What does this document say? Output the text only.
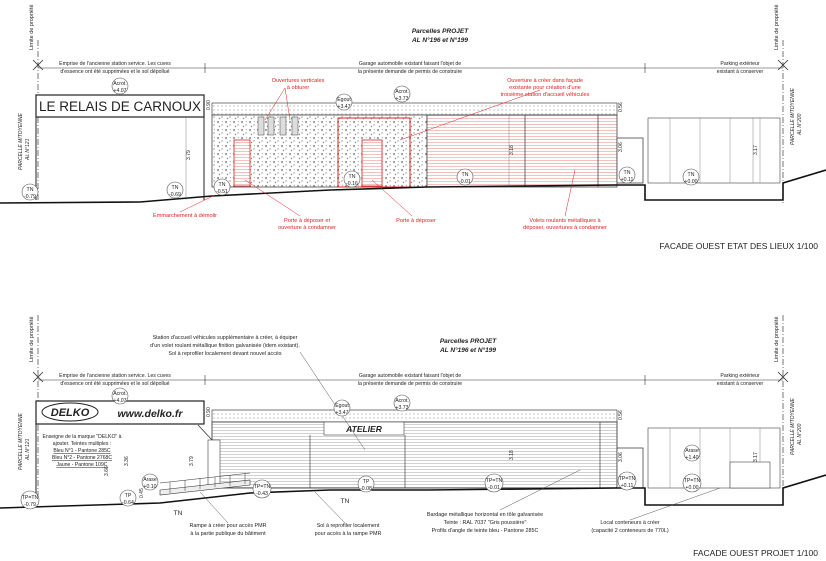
Limite de propriété	Limite de propriété
Parcelles PROJET
AL N°196 et N°199
Emprise de l'ancienne station service. Les cuves
d'essence ont été supprimées et le sol dépollué
Garage automobile existant faisant l'objet de
la présente demande de permis de construire
Parking extérieur
existant à conserver
PARCELLE MITOYENNE AL N°121
PARCELLE MITOYENNE AL N°200
LE RELAIS DE CARNOUX
Ouvertures verticales
à obturer
Ouverture à créer dans façade
existante pour création d'une
troisième station d'accueil véhicules
Emmarchement à démolir
Porte à déposer et
ouverture à condamner
Porte à déposer	Volets roulants métalliques à
déposer, ouvertures à condamner
0.90	0.56
3.79
3.18	3.06	3.17
Acrot.
+4.07
Egout
+3.47
Acrot.
+3.73
TN
-0.79
TN
-0.69
TN
-0.51
TN
-0.16
TN
-0.01
TN
+0.11
TN
+0.00
FACADE OUEST ETAT DES LIEUX 1/100
Limite de propriété	Limite de propriété
Parcelles PROJET
AL N°196 et N°199
Station d'accueil véhicules supplémentaire à créer, à équiper
d'un volet roulant métallique finition galvanisée (idem existant).
Sol à reprofiler localement devant nouvel accès
Emprise de l'ancienne station service. Les cuves
d'essence ont été supprimées et le sol dépollué
Garage automobile existant faisant l'objet de
la présente demande de permis de construire
Parking extérieur
existant à conserver
PARCELLE MITOYENNE AL N°121	PARCELLE MITOYENNE AL N°200
DELKO	www.delko.fr
Enseigne de la marque "DELKO" à
ajouter. Teintes multiples :
Bleu N°1 - Pantone 285C
Bleu N°2 - Pantone 2768C
Jaune - Pantone 109C
ATELIER
Rampe à créer pour accès PMR
à la partie publique du bâtiment
Sol à reprofiler localement
pour accès à la rampe PMR
Bardage métallique horizontal en tôle galvanisée
Teinte : RAL 7037 "Gris poussière"
Profils d'angle de teinte bleu - Pantone 285C
Local conteneurs à créer
(capacité 2 conteneurs de 770L)
TN
TN
0.90	0.56
3.36	3.79
3.66
0.45
3.18	3.06	3.17
Acrot.
+4.07
Egout
+3.47
Acrot.
+3.73
Arase
+0.10
Arase
+1.40
TP=TN
-0.79
TP
-0.64
TP=TN
-0.43
TP
-0.08
TP=TN
-0.01
TP=TN
+0.11
TP=TN
+0.00
FACADE OUEST PROJET 1/100
